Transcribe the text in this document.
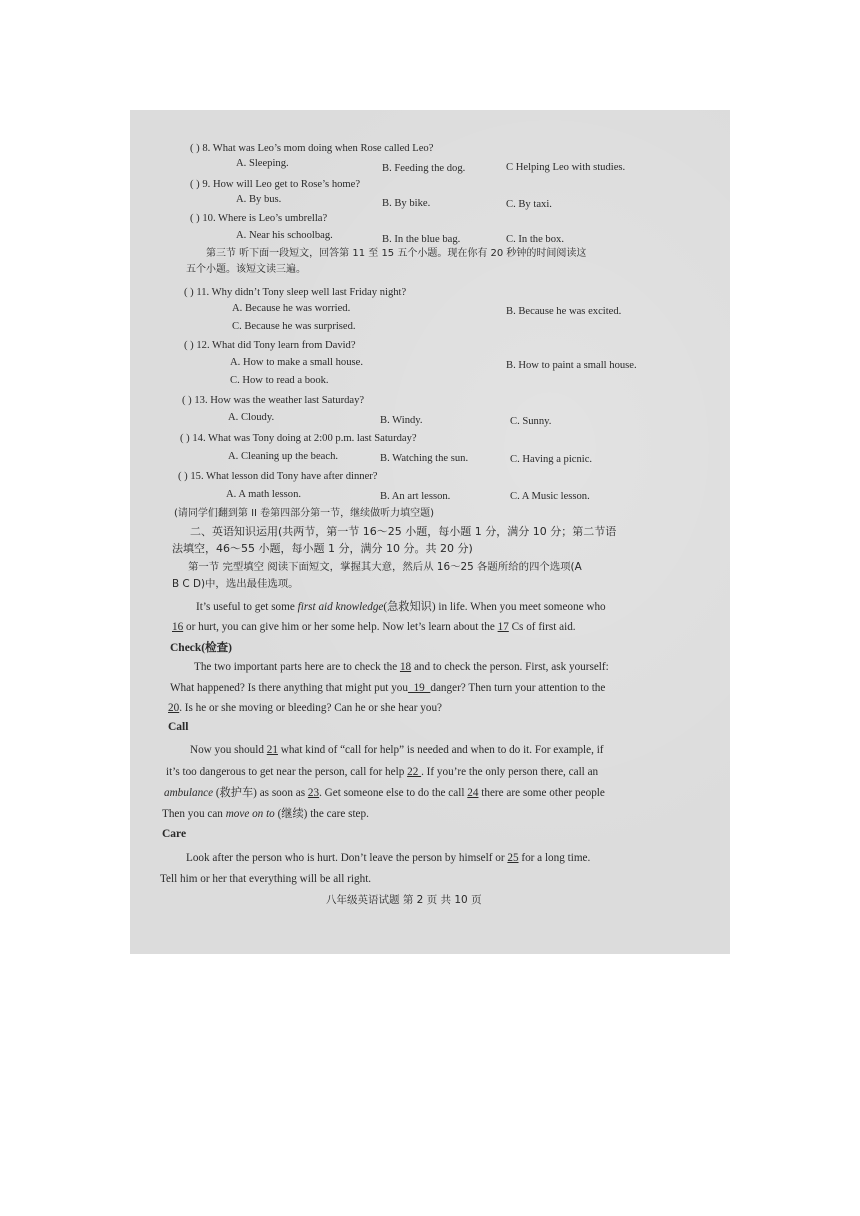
( ) 8. What was Leo’s mom doing when Rose called Leo?
A. Sleeping.	B. Feeding the dog.	C Helping Leo with studies.
( ) 9. How will Leo get to Rose’s home?
A. By bus.	B. By bike.	C. By taxi.
( ) 10. Where is Leo’s umbrella?
A. Near his schoolbag.	B. In the blue bag.	C. In the box.
第三节 听下面一段短文，回答第 11 至 15 五个小题。现在你有 20 秒钟的时间阅读这
五个小题。该短文读三遍。
( ) 11. Why didn’t Tony sleep well last Friday night?
A. Because he was worried.	B. Because he was excited.
C. Because he was surprised.
( ) 12. What did Tony learn from David?
A. How to make a small house.	B. How to paint a small house.
C. How to read a book.
( ) 13. How was the weather last Saturday?
A. Cloudy.	B. Windy.	C. Sunny.
( ) 14. What was Tony doing at 2:00 p.m. last Saturday?
A. Cleaning up the beach.	B. Watching the sun.	C. Having a picnic.
( ) 15. What lesson did Tony have after dinner?
A. A math lesson.	B. An art lesson.	C. A Music lesson.
(请同学们翻到第 II 卷第四部分第一节，继续做听力填空题)
二、英语知识运用(共两节，第一节 16～25 小题，每小题 1 分，满分 10 分；第二节语
法填空，46～55 小题，每小题 1 分，满分 10 分。共 20 分)
第一节 完型填空 阅读下面短文，掌握其大意，然后从 16～25 各题所给的四个选项(A
B C D)中，选出最佳选项。
It’s useful to get some first aid knowledge(急救知识) in life. When you meet someone who
16 or hurt, you can give him or her some help. Now let’s learn about the 17 Cs of first aid.
Check(检查)
The two important parts here are to check the 18 and to check the person. First, ask yourself:
What happened? Is there anything that might put you  19  danger? Then turn your attention to the
20. Is he or she moving or bleeding? Can he or she hear you?
Call
Now you should 21 what kind of “call for help” is needed and when to do it. For example, if
it’s too dangerous to get near the person, call for help 22 . If you’re the only person there, call an
ambulance (救护车) as soon as 23. Get someone else to do the call 24 there are some other people
Then you can move on to (继续) the care step.
Care
Look after the person who is hurt. Don’t leave the person by himself or 25 for a long time.
Tell him or her that everything will be all right.
八年级英语试题 第 2 页 共 10 页
